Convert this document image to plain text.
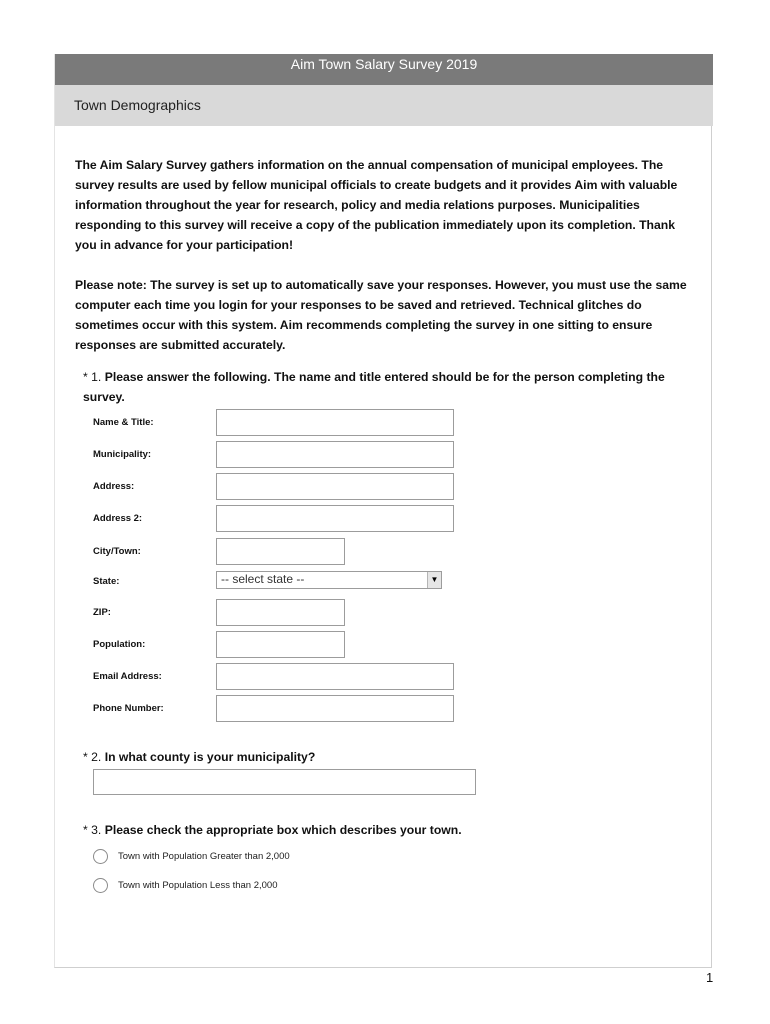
Aim Town Salary Survey 2019
Town Demographics

The Aim Salary Survey gathers information on the annual compensation of municipal employees. The survey results are used by fellow municipal officials to create budgets and it provides Aim with valuable information throughout the year for research, policy and media relations purposes. Municipalities responding to this survey will receive a copy of the publication immediately upon its completion. Thank you in advance for your participation!

Please note: The survey is set up to automatically save your responses. However, you must use the same computer each time you login for your responses to be saved and retrieved. Technical glitches do sometimes occur with this system. Aim recommends completing the survey in one sitting to ensure responses are submitted accurately.

* 1. Please answer the following. The name and title entered should be for the person completing the survey.
Name & Title:
Municipality:
Address:
Address 2:
City/Town:
State:	-- select state --	▼
ZIP:
Population:
Email Address:
Phone Number:
* 2. In what county is your municipality?
* 3. Please check the appropriate box which describes your town.
Town with Population Greater than 2,000
Town with Population Less than 2,000
1
